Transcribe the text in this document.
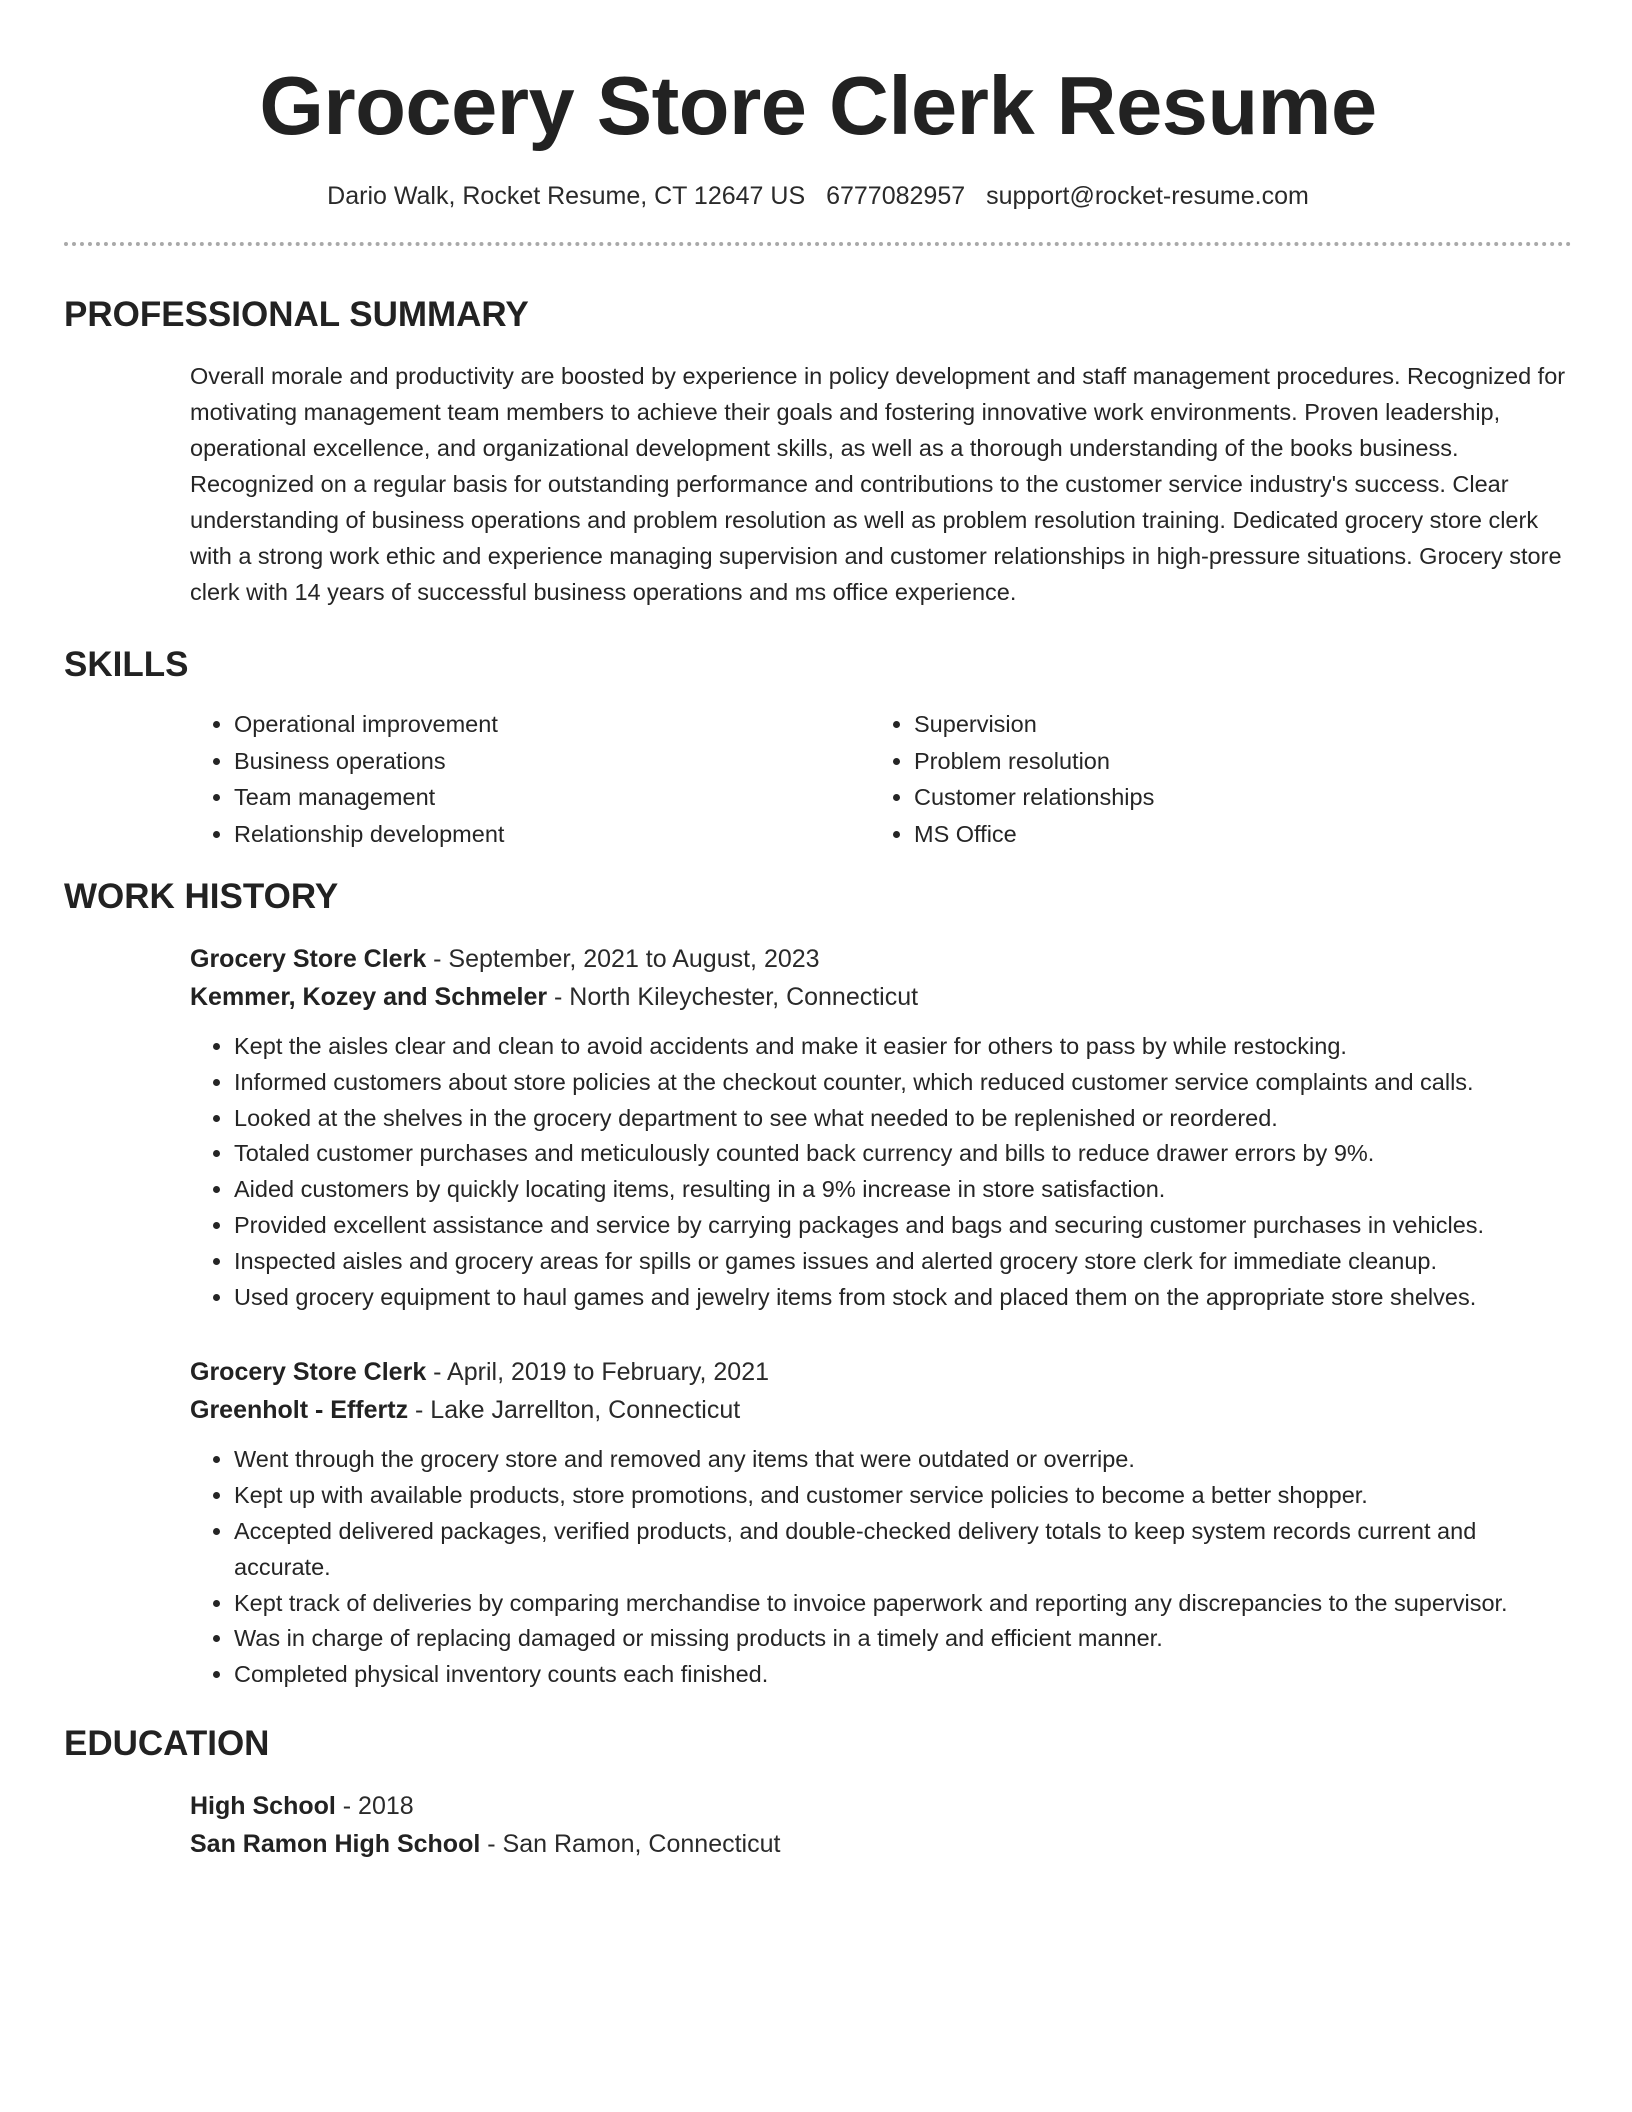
Grocery Store Clerk Resume
Dario Walk, Rocket Resume, CT 12647 US 6777082957 support@rocket-resume.com
PROFESSIONAL SUMMARY

Overall morale and productivity are boosted by experience in policy development and staff management procedures. Recognized for motivating management team members to achieve their goals and fostering innovative work environments. Proven leadership, operational excellence, and organizational development skills, as well as a thorough understanding of the books business. Recognized on a regular basis for outstanding performance and contributions to the customer service industry's success. Clear understanding of business operations and problem resolution as well as problem resolution training. Dedicated grocery store clerk with a strong work ethic and experience managing supervision and customer relationships in high-pressure situations. Grocery store clerk with 14 years of successful business operations and ms office experience.

SKILLS
• Operational improvement
• Business operations
• Team management
• Relationship development
• Supervision
• Problem resolution
• Customer relationships
• MS Office
WORK HISTORY
Grocery Store Clerk - September, 2021 to August, 2023
Kemmer, Kozey and Schmeler - North Kileychester, Connecticut
• Kept the aisles clear and clean to avoid accidents and make it easier for others to pass by while restocking.
• Informed customers about store policies at the checkout counter, which reduced customer service complaints and calls.
• Looked at the shelves in the grocery department to see what needed to be replenished or reordered.
• Totaled customer purchases and meticulously counted back currency and bills to reduce drawer errors by 9%.
• Aided customers by quickly locating items, resulting in a 9% increase in store satisfaction.
• Provided excellent assistance and service by carrying packages and bags and securing customer purchases in vehicles.
• Inspected aisles and grocery areas for spills or games issues and alerted grocery store clerk for immediate cleanup.
• Used grocery equipment to haul games and jewelry items from stock and placed them on the appropriate store shelves.
Grocery Store Clerk - April, 2019 to February, 2021
Greenholt - Effertz - Lake Jarrellton, Connecticut
• Went through the grocery store and removed any items that were outdated or overripe.
• Kept up with available products, store promotions, and customer service policies to become a better shopper.
• Accepted delivered packages, verified products, and double-checked delivery totals to keep system records current and accurate.
• Kept track of deliveries by comparing merchandise to invoice paperwork and reporting any discrepancies to the supervisor.
• Was in charge of replacing damaged or missing products in a timely and efficient manner.
• Completed physical inventory counts each finished.
EDUCATION
High School - 2018
San Ramon High School - San Ramon, Connecticut
